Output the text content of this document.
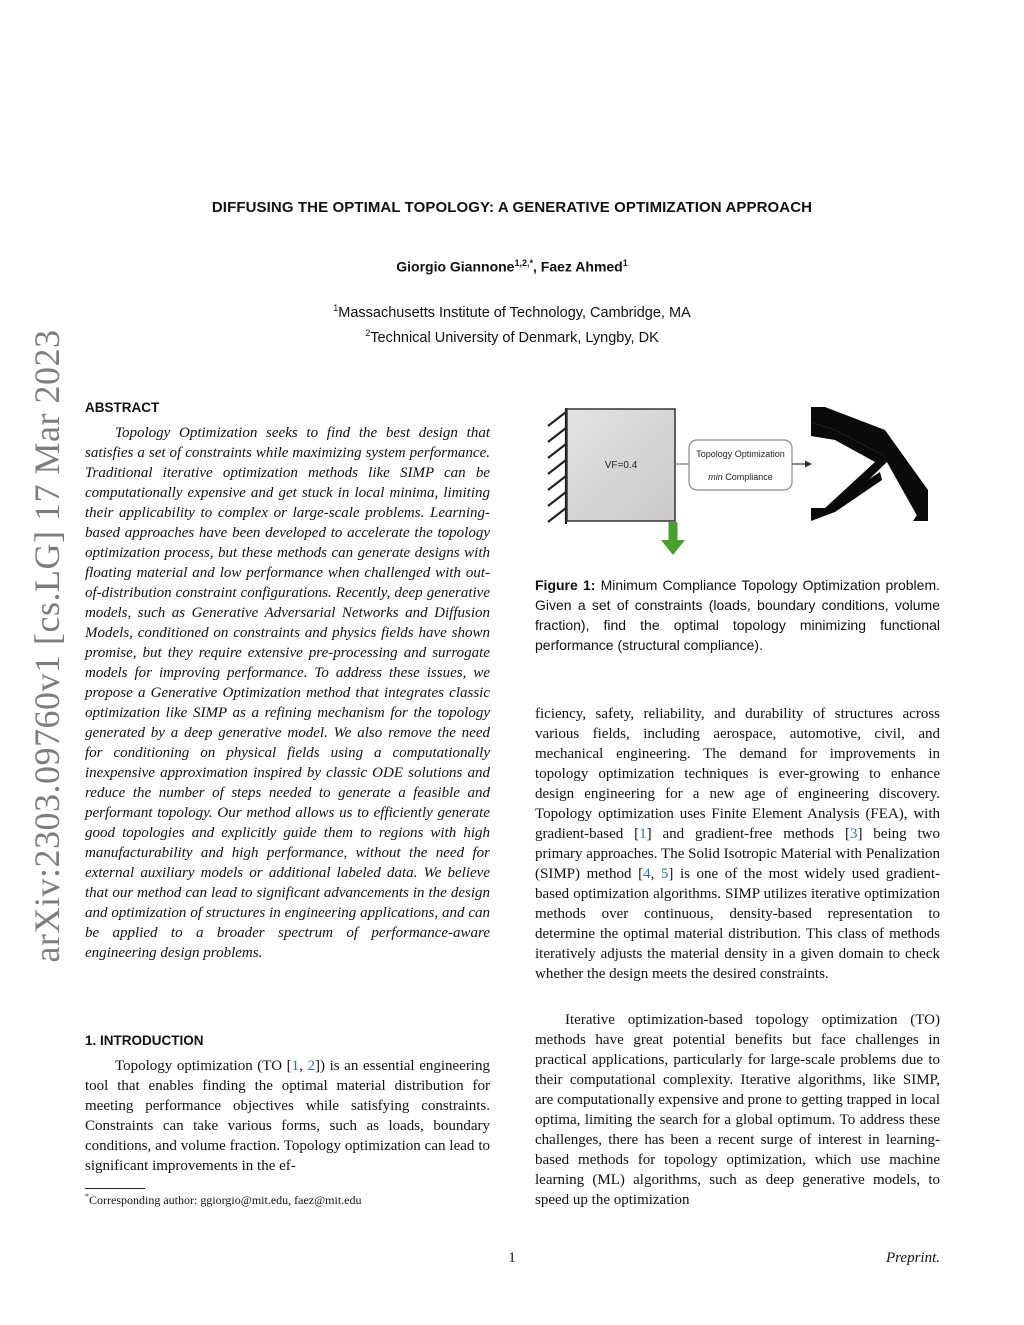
arXiv:2303.09760v1 [cs.LG] 17 Mar 2023
DIFFUSING THE OPTIMAL TOPOLOGY: A GENERATIVE OPTIMIZATION APPROACH
Giorgio Giannone$^{1,2,*}$, Faez Ahmed$^1$
$^1$Massachusetts Institute of Technology, Cambridge, MA
$^2$Technical University of Denmark, Lyngby, DK
ABSTRACT

Topology Optimization seeks to find the best design that satisfies a set of constraints while maximizing system performance. Traditional iterative optimization methods like SIMP can be computationally expensive and get stuck in local minima, limiting their applicability to complex or large-scale problems. Learning-based approaches have been developed to accelerate the topology optimization process, but these methods can generate designs with floating material and low performance when challenged with out-of-distribution constraint configurations. Recently, deep generative models, such as Generative Adversarial Networks and Diffusion Models, conditioned on constraints and physics fields have shown promise, but they require extensive pre-processing and surrogate models for improving performance. To address these issues, we propose a Generative Optimization method that integrates classic optimization like SIMP as a refining mechanism for the topology generated by a deep generative model. We also remove the need for conditioning on physical fields using a computationally inexpensive approximation inspired by classic ODE solutions and reduce the number of steps needed to generate a feasible and performant topology. Our method allows us to efficiently generate good topologies and explicitly guide them to regions with high manufacturability and high performance, without the need for external auxiliary models or additional labeled data. We believe that our method can lead to significant advancements in the design and optimization of structures in engineering applications, and can be applied to a broader spectrum of performance-aware engineering design problems.

1. INTRODUCTION

Topology optimization (TO [1, 2]) is an essential engineering tool that enables finding the optimal material distribution for meeting performance objectives while satisfying constraints. Constraints can take various forms, such as loads, boundary conditions, and volume fraction. Topology optimization can lead to significant improvements in the ef-

*Corresponding author: ggiorgio@mit.edu, faez@mit.edu
VF=0.4
Topology Optimization
min Compliance
Figure 1: Minimum Compliance Topology Optimization problem. Given a set of constraints (loads, boundary conditions, volume fraction), find the optimal topology minimizing functional performance (structural compliance).

ficiency, safety, reliability, and durability of structures across various fields, including aerospace, automotive, civil, and mechanical engineering. The demand for improvements in topology optimization techniques is ever-growing to enhance design engineering for a new age of engineering discovery. Topology optimization uses Finite Element Analysis (FEA), with gradient-based [1] and gradient-free methods [3] being two primary approaches. The Solid Isotropic Material with Penalization (SIMP) method [4, 5] is one of the most widely used gradient-based optimization algorithms. SIMP utilizes iterative optimization methods over continuous, density-based representation to determine the optimal material distribution. This class of methods iteratively adjusts the material density in a given domain to check whether the design meets the desired constraints.

Iterative optimization-based topology optimization (TO) methods have great potential benefits but face challenges in practical applications, particularly for large-scale problems due to their computational complexity. Iterative algorithms, like SIMP, are computationally expensive and prone to getting trapped in local optima, limiting the search for a global optimum. To address these challenges, there has been a recent surge of interest in learning-based methods for topology optimization, which use machine learning (ML) algorithms, such as deep generative models, to speed up the optimization

1	Preprint.
